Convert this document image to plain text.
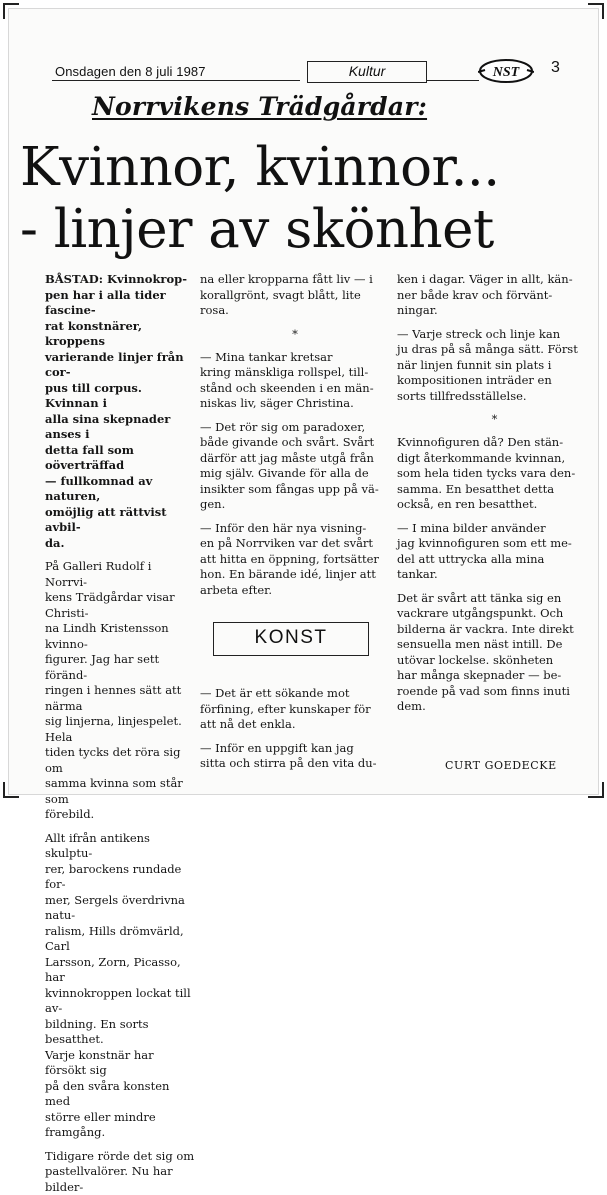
Onsdagen den 8 juli 1987	Kultur	NST 3
Norrvikens Trädgårdar:
Kvinnor, kvinnor...
- linjer av skönhet

BÅSTAD: Kvinnokrop-

pen har i alla tider fascine-

rat konstnärer, kroppens

varierande linjer från cor-

pus till corpus. Kvinnan i

alla sina skepnader anses i

detta fall som oöverträffad

— fullkomnad av naturen,

omöjlig att rättvist avbil-

da.

På Galleri Rudolf i Norrvi-

kens Trädgårdar visar Christi-

na Lindh Kristensson kvinno-

figurer. Jag har sett föränd-

ringen i hennes sätt att närma

sig linjerna, linjespelet. Hela

tiden tycks det röra sig om

samma kvinna som står som

förebild.

Allt ifrån antikens skulptu-

rer, barockens rundade for-

mer, Sergels överdrivna natu-

ralism, Hills drömvärld, Carl

Larsson, Zorn, Picasso, har

kvinnokroppen lockat till av-

bildning. En sorts besatthet.

Varje konstnär har försökt sig

på den svåra konsten med

större eller mindre framgång.

Tidigare rörde det sig om

pastellvalörer. Nu har bilder-

na eller kropparna fått liv — i

korallgrönt, svagt blått, lite

rosa.

*

— Mina tankar kretsar

kring mänskliga rollspel, till-

stånd och skeenden i en män-

niskas liv, säger Christina.

— Det rör sig om paradoxer,

både givande och svårt. Svårt

därför att jag måste utgå från

mig själv. Givande för alla de

insikter som fångas upp på vä-

gen.

— Inför den här nya visning-

en på Norrviken var det svårt

att hitta en öppning, fortsätter

hon. En bärande idé, linjer att

arbeta efter.

KONST

— Det är ett sökande mot

förfining, efter kunskaper för

att nå det enkla.

— Inför en uppgift kan jag

sitta och stirra på den vita du-

ken i dagar. Väger in allt, kän-

ner både krav och förvänt-

ningar.

— Varje streck och linje kan

ju dras på så många sätt. Först

när linjen funnit sin plats i

kompositionen inträder en

sorts tillfredsställelse.

*

Kvinnofiguren då? Den stän-

digt återkommande kvinnan,

som hela tiden tycks vara den-

samma. En besatthet detta

också, en ren besatthet.

— I mina bilder använder

jag kvinnofiguren som ett me-

del att uttrycka alla mina

tankar.

Det är svårt att tänka sig en

vackrare utgångspunkt. Och

bilderna är vackra. Inte direkt

sensuella men näst intill. De

utövar lockelse. skönheten

har många skepnader — be-

roende på vad som finns inuti

dem.

CURT GOEDECKE
